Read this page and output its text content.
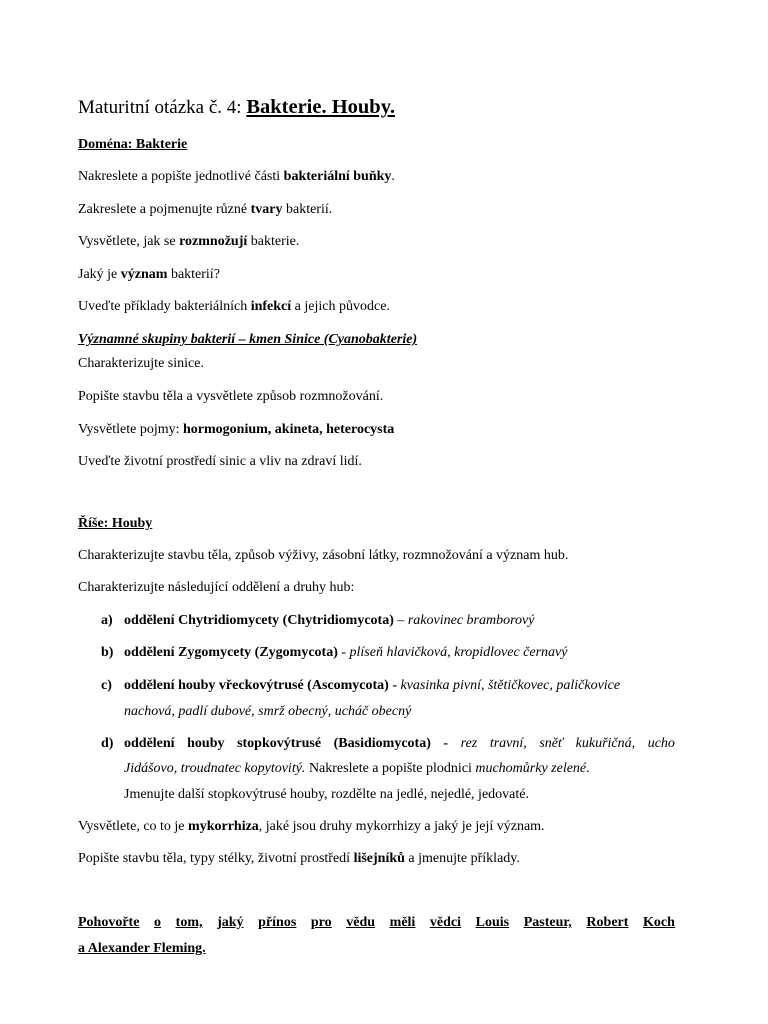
Maturitní otázka č. 4: Bakterie. Houby.
Doména: Bakterie
Nakreslete a popište jednotlivé části bakteriální buňky.
Zakreslete a pojmenujte různé tvary bakterií.
Vysvětlete, jak se rozmnožují bakterie.
Jaký je význam bakterií?
Uveďte příklady bakteriálních infekcí a jejich původce.
Významné skupiny bakterií – kmen Sinice (Cyanobakterie)
Charakterizujte sinice.
Popište stavbu těla a vysvětlete způsob rozmnožování.
Vysvětlete pojmy: hormogonium, akineta, heterocysta
Uveďte životní prostředí sinic a vliv na zdraví lidí.
Říše: Houby
Charakterizujte stavbu těla, způsob výživy, zásobní látky, rozmnožování a význam hub.
Charakterizujte následující oddělení a druhy hub:
a) oddělení Chytridiomycety (Chytridiomycota) – rakovinec bramborový
b) oddělení Zygomycety (Zygomycota) - plíseň hlavičková, kropidlovec černavý
c) oddělení houby vřeckovýtrusé (Ascomycota) - kvasinka pivní, štětičkovec, paličkovice
nachová, padlí dubové, smrž obecný, ucháč obecný
d) oddělení houby stopkovýtrusé (Basidiomycota) - rez travní, sněť kukuřičná, ucho
Jidášovo, troudnatec kopytovitý. Nakreslete a popište plodnici muchomůrky zelené.
Jmenujte další stopkovýtrusé houby, rozdělte na jedlé, nejedlé, jedovaté.
Vysvětlete, co to je mykorrhiza, jaké jsou druhy mykorrhizy a jaký je její význam.
Popište stavbu těla, typy stélky, životní prostředí lišejníků a jmenujte příklady.
Pohovořte o tom, jaký přínos pro vědu měli vědci Louis Pasteur, Robert Koch
a Alexander Fleming.
